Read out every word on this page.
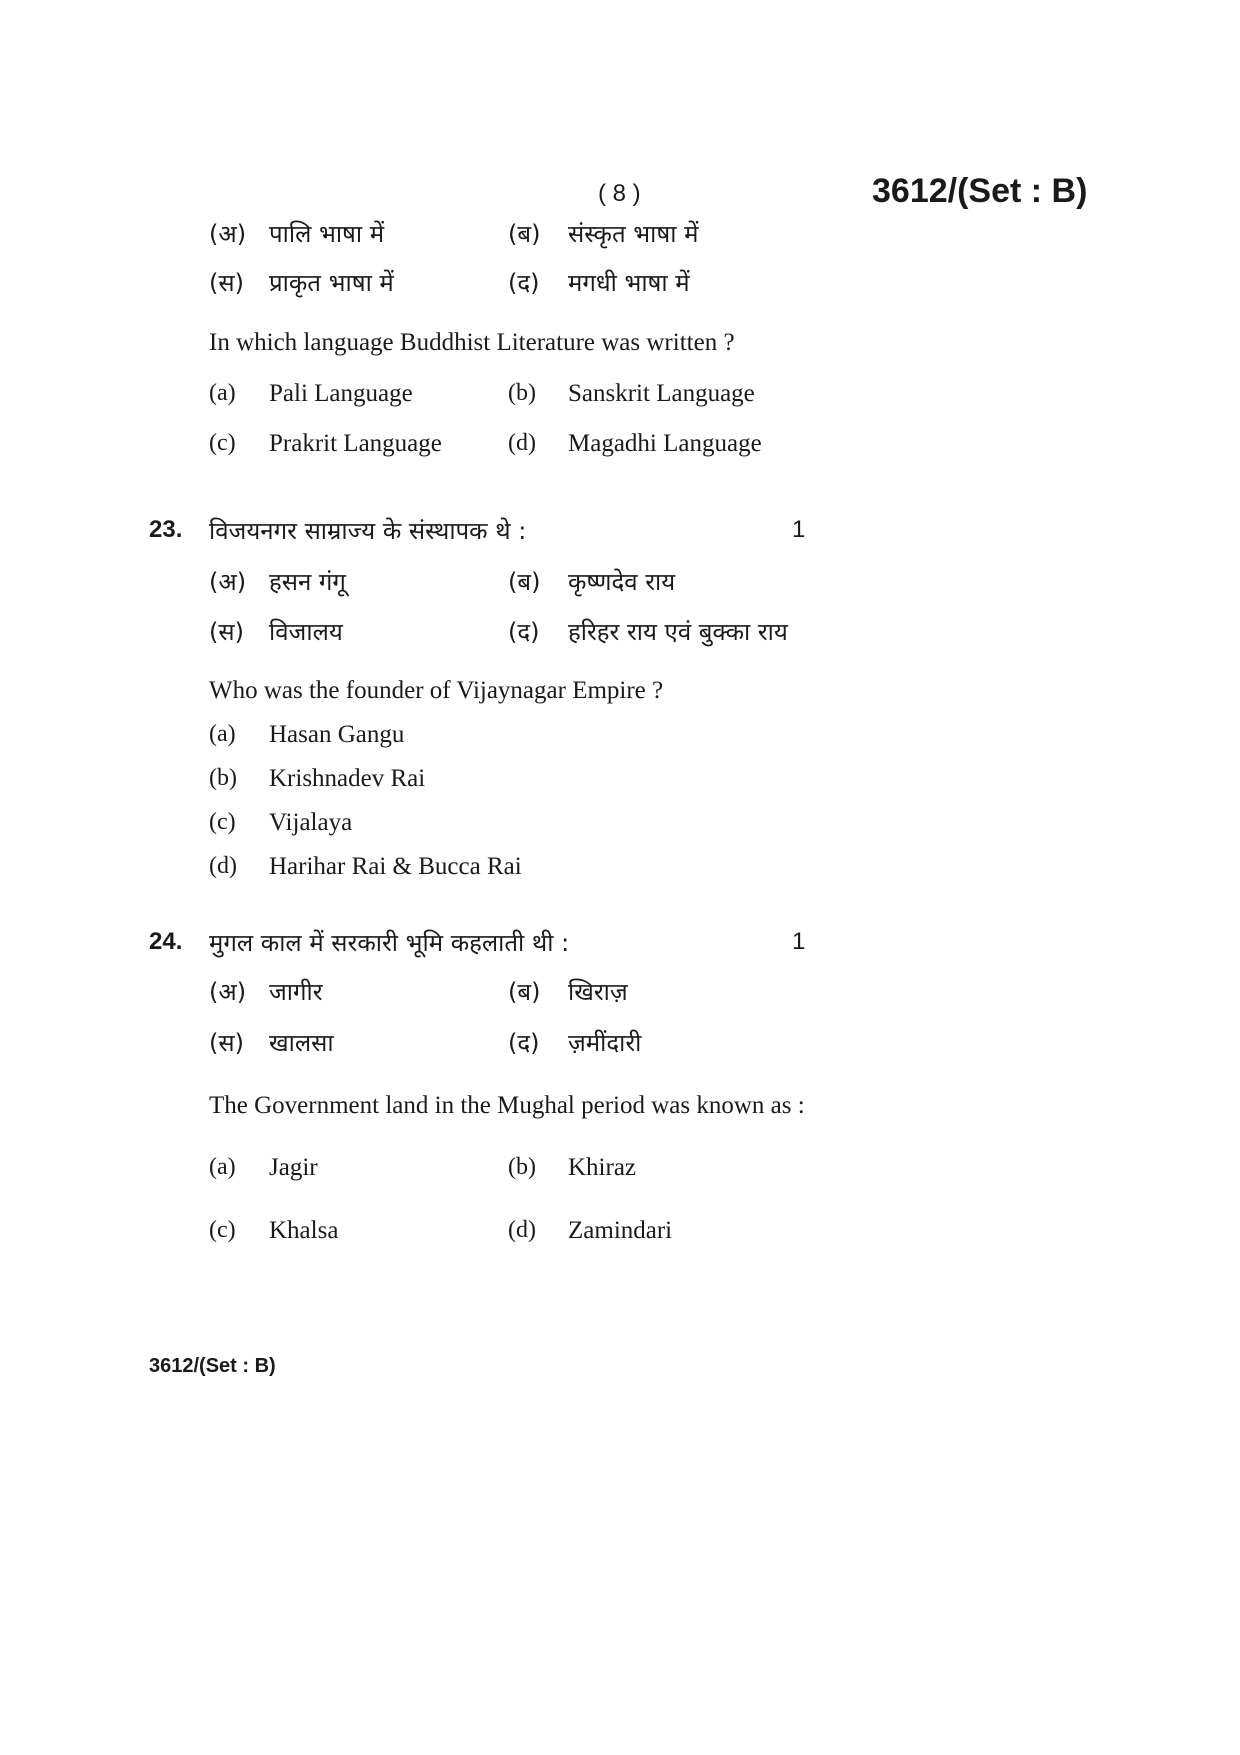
( 8 )	3612/(Set : B)
(अ) पालि भाषा में	(ब) संस्कृत भाषा में
(स) प्राकृत भाषा में	(द) मगधी भाषा में
In which language Buddhist Literature was written ?
(a) Pali Language	(b) Sanskrit Language
(c) Prakrit Language	(d) Magadhi Language
23. विजयनगर साम्राज्य के संस्थापक थे :	1
(अ) हसन गंगू	(ब) कृष्णदेव राय
(स) विजालय	(द) हरिहर राय एवं बुक्का राय
Who was the founder of Vijaynagar Empire ?
(a) Hasan Gangu
(b) Krishnadev Rai
(c) Vijalaya
(d) Harihar Rai & Bucca Rai
24. मुगल काल में सरकारी भूमि कहलाती थी :	1
(अ) जागीर	(ब) खिराज़
(स) खालसा	(द) ज़मींदारी
The Government land in the Mughal period was known as :
(a) Jagir	(b) Khiraz
(c) Khalsa	(d) Zamindari
3612/(Set : B)
